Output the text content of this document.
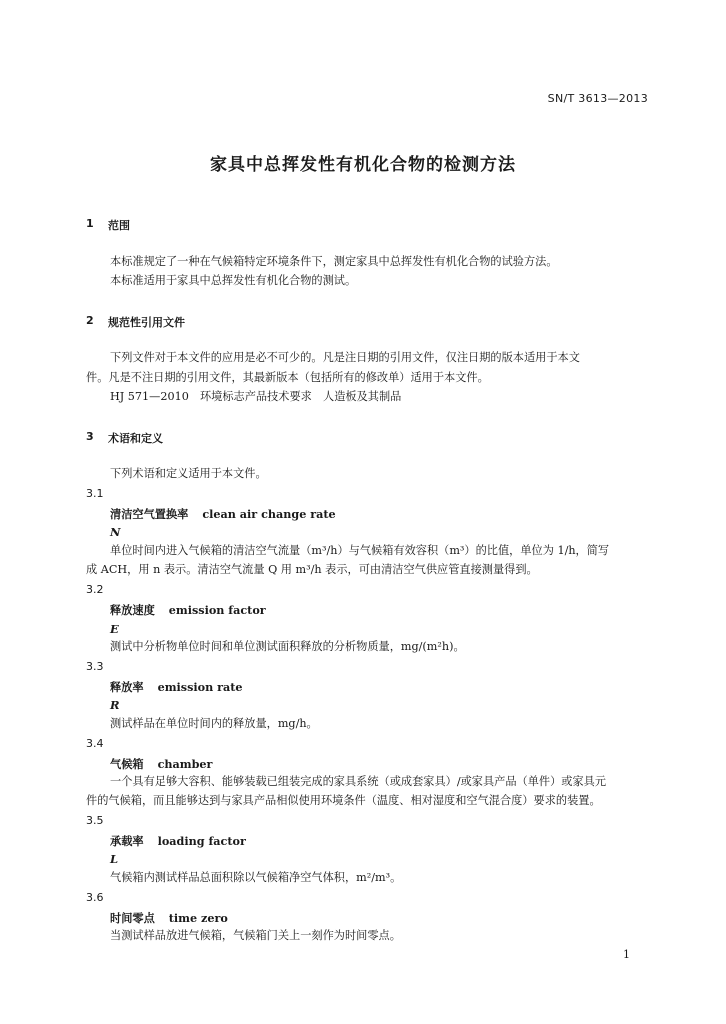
SN/T 3613—2013
家具中总挥发性有机化合物的检测方法
1 范围
本标准规定了一种在气候箱特定环境条件下，测定家具中总挥发性有机化合物的试验方法。
本标准适用于家具中总挥发性有机化合物的测试。
2 规范性引用文件
下列文件对于本文件的应用是必不可少的。凡是注日期的引用文件，仅注日期的版本适用于本文
件。凡是不注日期的引用文件，其最新版本（包括所有的修改单）适用于本文件。
HJ 571—2010　环境标志产品技术要求　人造板及其制品
3 术语和定义
下列术语和定义适用于本文件。
3.1
清洁空气置换率 clean air change rate
N
单位时间内进入气候箱的清洁空气流量（m³/h）与气候箱有效容积（m³）的比值，单位为 1/h，简写
成 ACH，用 n 表示。清洁空气流量 Q 用 m³/h 表示，可由清洁空气供应管直接测量得到。
3.2
释放速度 emission factor
E
测试中分析物单位时间和单位测试面积释放的分析物质量，mg/(m²h)。
3.3
释放率 emission rate
R
测试样品在单位时间内的释放量，mg/h。
3.4
气候箱 chamber
一个具有足够大容积、能够装载已组装完成的家具系统（或成套家具）/或家具产品（单件）或家具元
件的气候箱，而且能够达到与家具产品相似使用环境条件（温度、相对湿度和空气混合度）要求的装置。
3.5
承载率 loading factor
L
气候箱内测试样品总面积除以气候箱净空气体积，m²/m³。
3.6
时间零点 time zero
当测试样品放进气候箱，气候箱门关上一刻作为时间零点。
1
